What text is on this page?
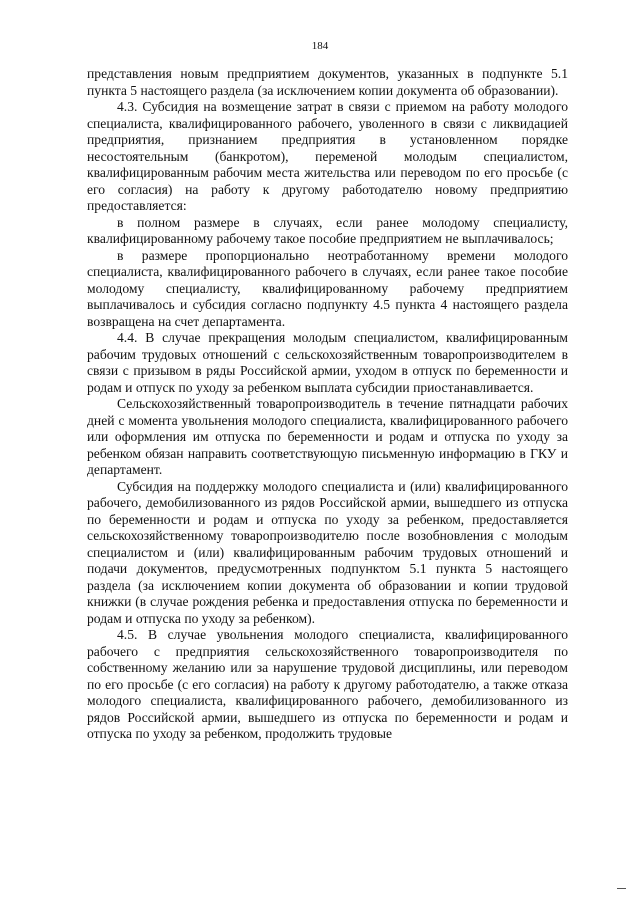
184

представления новым предприятием документов, указанных в подпункте 5.1 пункта 5 настоящего раздела (за исключением копии документа об образовании).

4.3. Субсидия на возмещение затрат в связи с приемом на работу молодого специалиста, квалифицированного рабочего, уволенного в связи с ликвидацией предприятия, признанием предприятия в установленном порядке несостоятельным (банкротом), переменой молодым специалистом, квалифицированным рабочим места жительства или переводом по его просьбе (с его согласия) на работу к другому работодателю новому предприятию предоставляется:

в полном размере в случаях, если ранее молодому специалисту, квалифицированному рабочему такое пособие предприятием не выплачивалось;

в размере пропорционально неотработанному времени молодого специалиста, квалифицированного рабочего в случаях, если ранее такое пособие молодому специалисту, квалифицированному рабочему предприятием выплачивалось и субсидия согласно подпункту 4.5 пункта 4 настоящего раздела возвращена на счет департамента.

4.4. В случае прекращения молодым специалистом, квалифицированным рабочим трудовых отношений с сельскохозяйственным товаропроизводителем в связи с призывом в ряды Российской армии, уходом в отпуск по беременности и родам и отпуск по уходу за ребенком выплата субсидии приостанавливается.

Сельскохозяйственный товаропроизводитель в течение пятнадцати рабочих дней с момента увольнения молодого специалиста, квалифицированного рабочего или оформления им отпуска по беременности и родам и отпуска по уходу за ребенком обязан направить соответствующую письменную информацию в ГКУ и департамент.

Субсидия на поддержку молодого специалиста и (или) квалифицированного рабочего, демобилизованного из рядов Российской армии, вышедшего из отпуска по беременности и родам и отпуска по уходу за ребенком, предоставляется сельскохозяйственному товаропроизводителю после возобновления с молодым специалистом и (или) квалифицированным рабочим трудовых отношений и подачи документов, предусмотренных подпунктом 5.1 пункта 5 настоящего раздела (за исключением копии документа об образовании и копии трудовой книжки (в случае рождения ребенка и предоставления отпуска по беременности и родам и отпуска по уходу за ребенком).

4.5. В случае увольнения молодого специалиста, квалифицированного рабочего с предприятия сельскохозяйственного товаропроизводителя по собственному желанию или за нарушение трудовой дисциплины, или переводом по его просьбе (с его согласия) на работу к другому работодателю, а также отказа молодого специалиста, квалифицированного рабочего, демобилизованного из рядов Российской армии, вышедшего из отпуска по беременности и родам и отпуска по уходу за ребенком, продолжить трудовые
